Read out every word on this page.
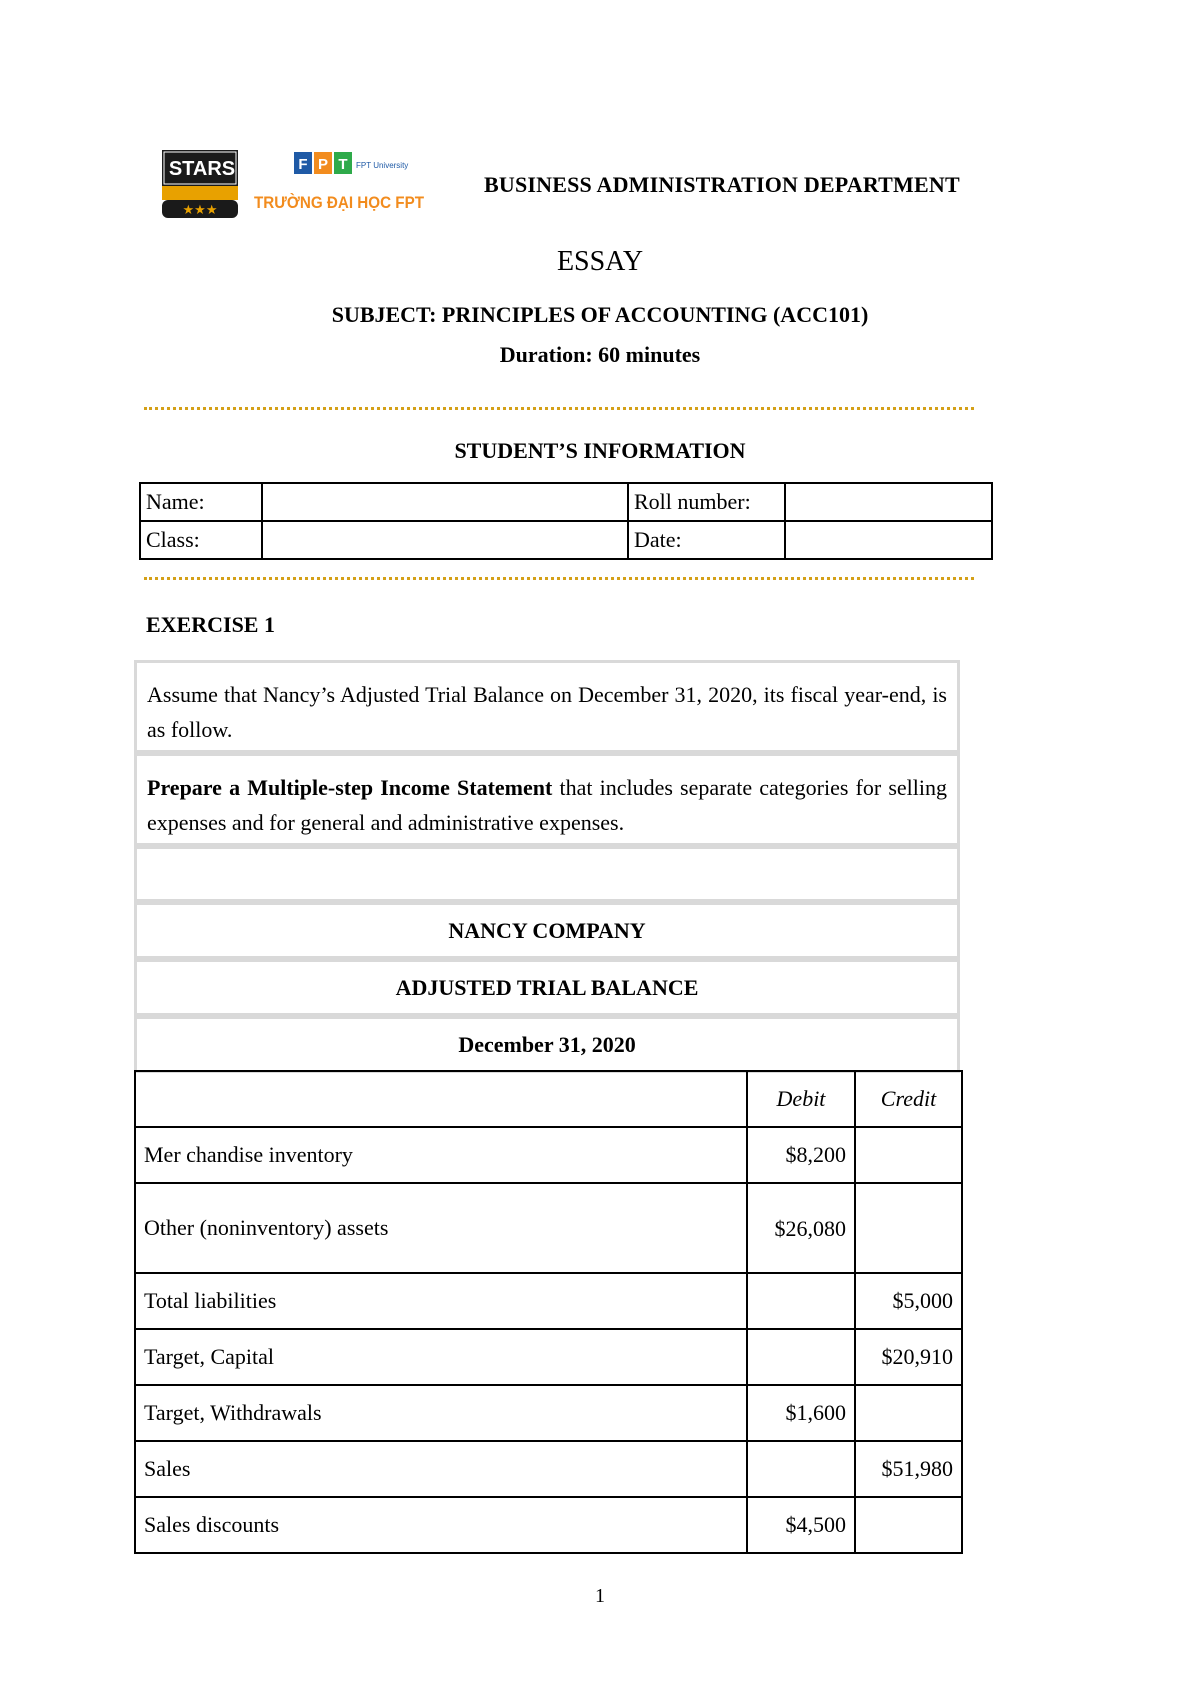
STARS
★★★
F P T FPT University
TRƯỜNG ĐẠI HỌC FPT
BUSINESS ADMINISTRATION DEPARTMENT
ESSAY
SUBJECT: PRINCIPLES OF ACCOUNTING (ACC101)
Duration: 60 minutes
STUDENT’S INFORMATION
Name:		Roll number:	
Class:		Date:	
EXERCISE 1
Assume that Nancy’s Adjusted Trial Balance on December 31, 2020, its fiscal year-end, is as follow.
Prepare a Multiple-step Income Statement that includes separate categories for selling expenses and for general and administrative expenses.
NANCY COMPANY
ADJUSTED TRIAL BALANCE
December 31, 2020
	Debit	Credit
Mer chandise inventory	$8,200	
Other (noninventory) assets	$26,080	
Total liabilities		$5,000
Target, Capital		$20,910
Target, Withdrawals	$1,600	
Sales		$51,980
Sales discounts	$4,500	
1
